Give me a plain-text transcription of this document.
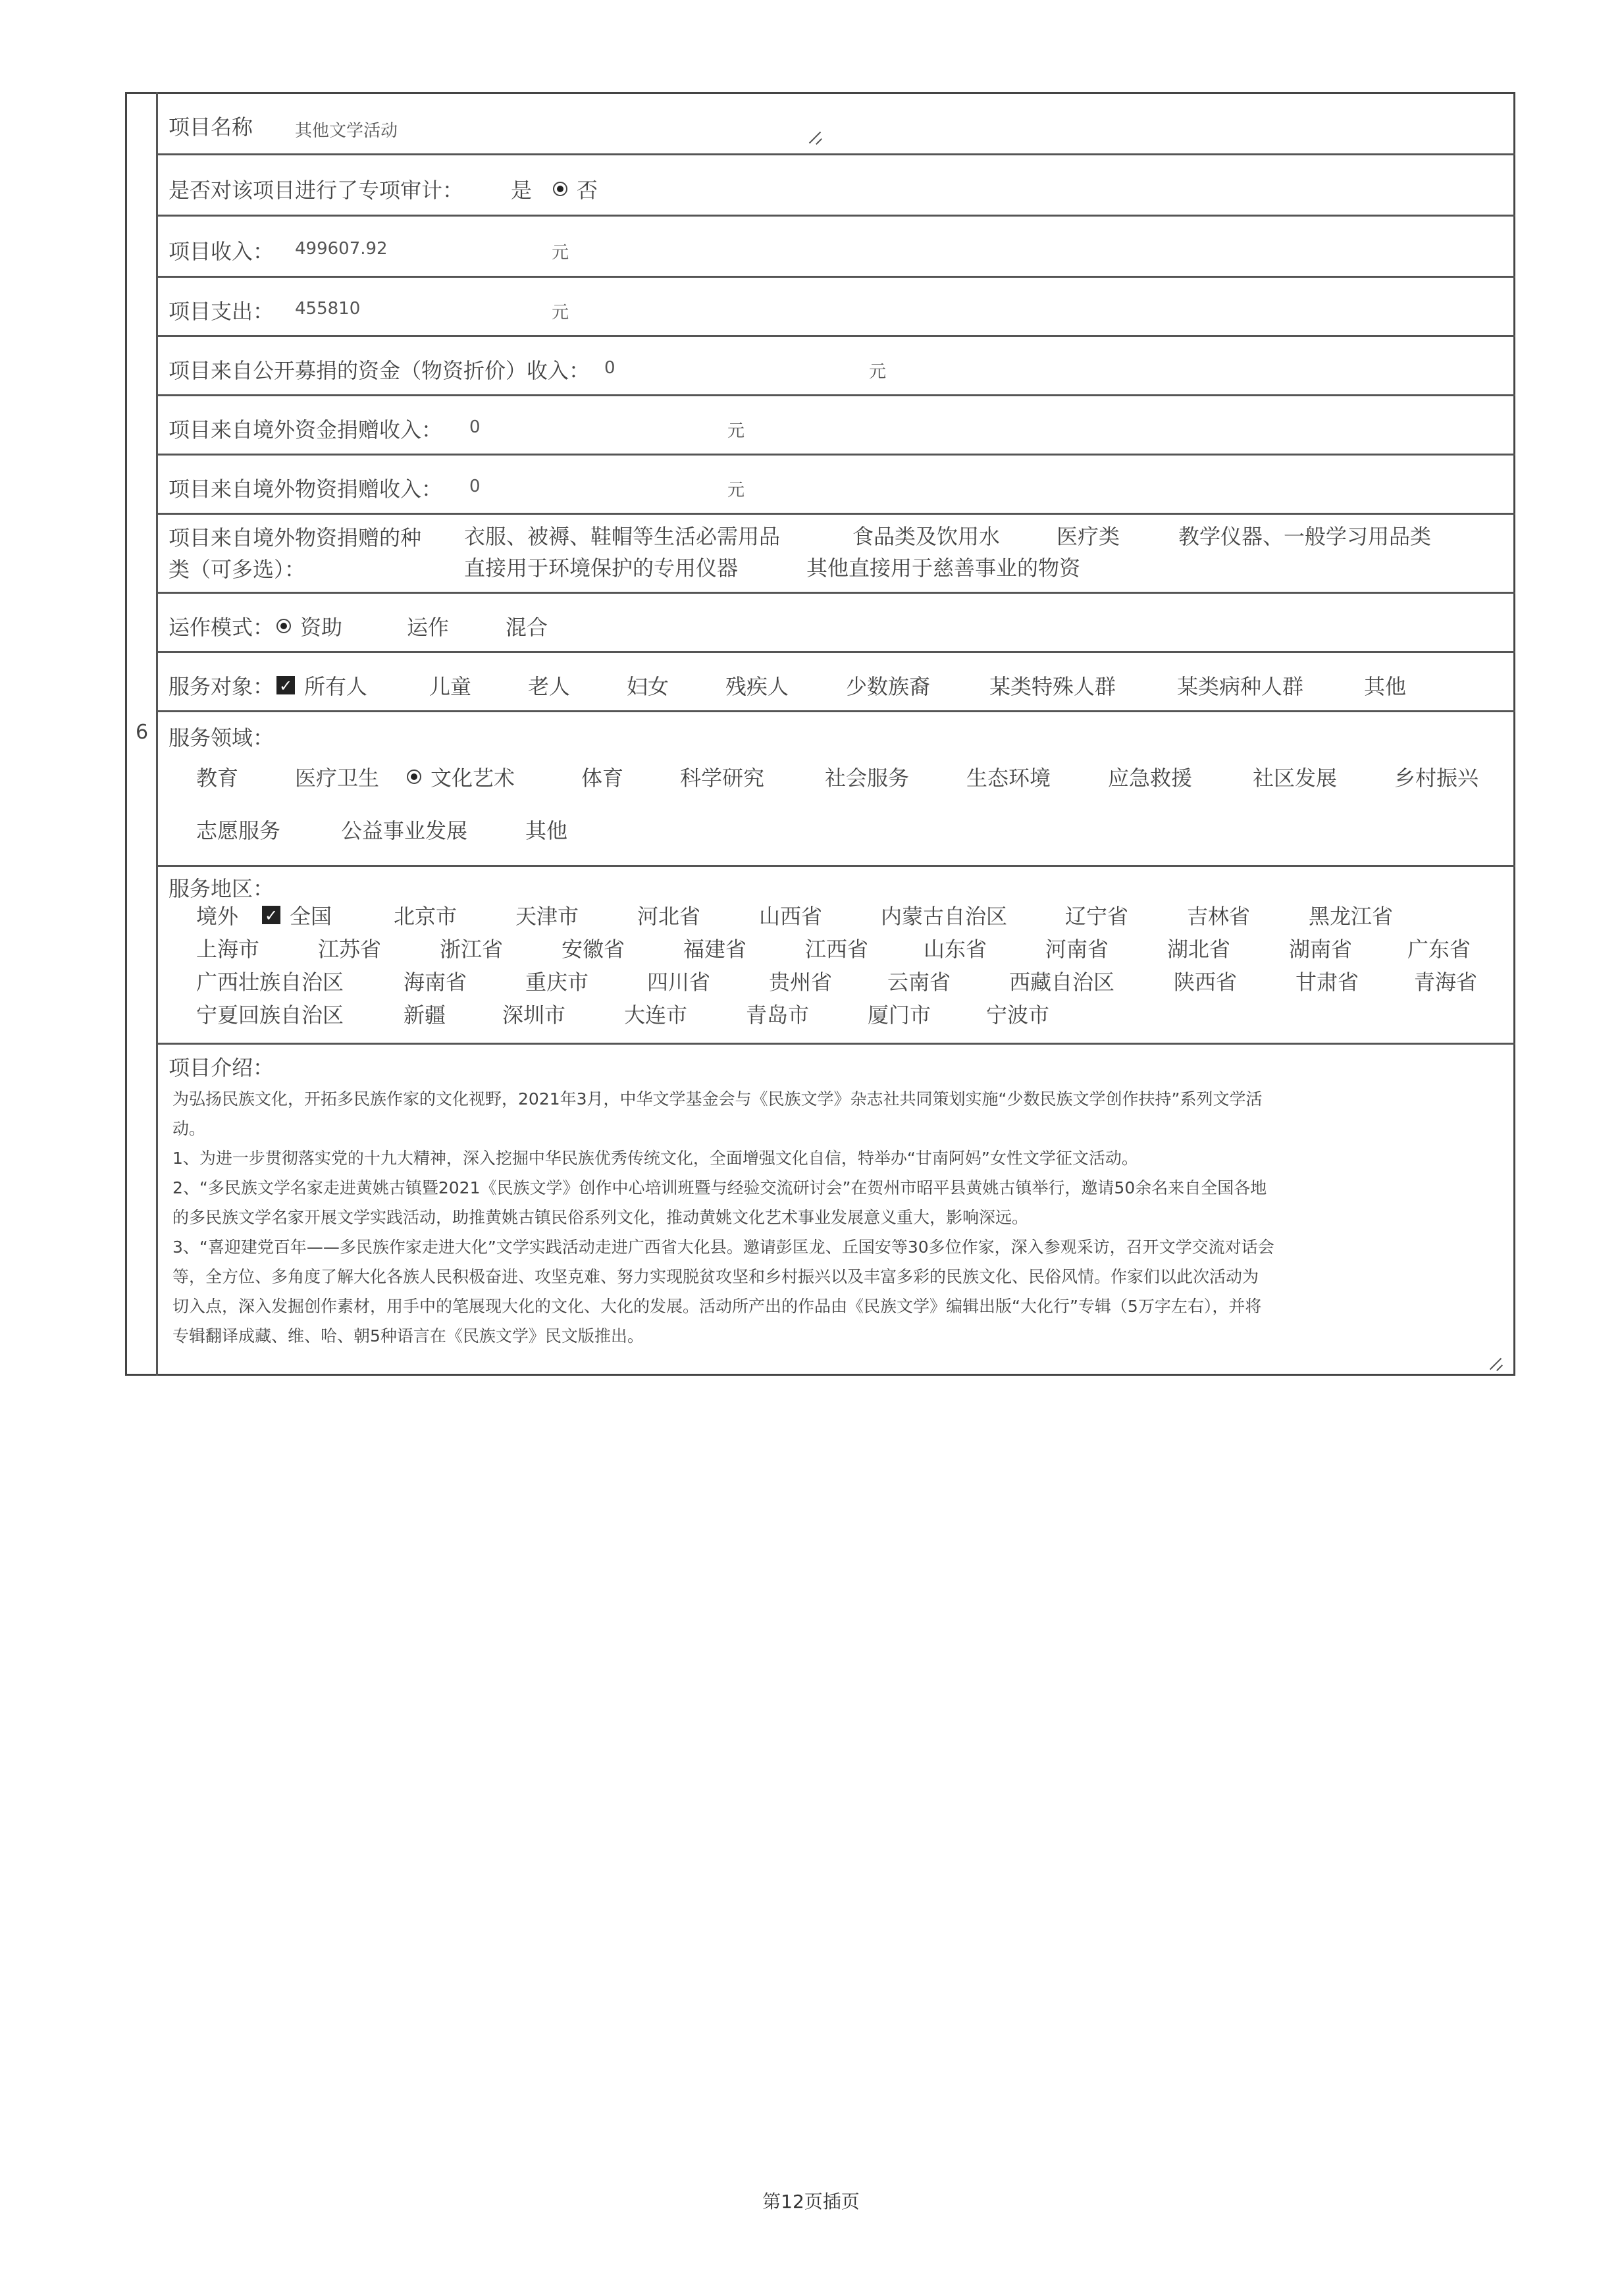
6
项目名称 其他文学活动
是否对该项目进行了专项审计： 是 否
项目收入： 499607.92	元
项目支出： 455810	元
项目来自公开募捐的资金（物资折价）收入： 0	元
项目来自境外资金捐赠收入： 0	元
项目来自境外物资捐赠收入： 0	元
项目来自境外物资捐赠的种
类（可多选）：
衣服、被褥、鞋帽等生活必需用品	食品类及饮用水	医疗类	教学仪器、一般学习用品类
直接用于环境保护的专用仪器	其他直接用于慈善事业的物资
运作模式： 资助	运作	混合
服务对象： ✓ 所有人	儿童	老人	妇女	残疾人	少数族裔	某类特殊人群	某类病种人群	其他
服务领域：
教育	医疗卫生 文化艺术	体育	科学研究	社会服务	生态环境	应急救援	社区发展	乡村振兴
志愿服务	公益事业发展	其他
服务地区：
境外 ✓ 全国	北京市	天津市	河北省	山西省	内蒙古自治区	辽宁省	吉林省	黑龙江省
上海市	江苏省	浙江省	安徽省	福建省	江西省	山东省	河南省	湖北省	湖南省	广东省
广西壮族自治区	海南省	重庆市	四川省	贵州省	云南省	西藏自治区	陕西省	甘肃省	青海省
宁夏回族自治区	新疆	深圳市	大连市	青岛市	厦门市	宁波市
项目介绍：

为弘扬民族文化，开拓多民族作家的文化视野，2021年3月，中华文学基金会与《民族文学》杂志社共同策划实施“少数民族文学创作扶持”系列文学活

动。

1、为进一步贯彻落实党的十九大精神，深入挖掘中华民族优秀传统文化，全面增强文化自信，特举办“甘南阿妈”女性文学征文活动。

2、“多民族文学名家走进黄姚古镇暨2021《民族文学》创作中心培训班暨与经验交流研讨会”在贺州市昭平县黄姚古镇举行，邀请50余名来自全国各地

的多民族文学名家开展文学实践活动，助推黄姚古镇民俗系列文化，推动黄姚文化艺术事业发展意义重大，影响深远。

3、“喜迎建党百年——多民族作家走进大化”文学实践活动走进广西省大化县。邀请彭匡龙、丘国安等30多位作家，深入参观采访，召开文学交流对话会

等，全方位、多角度了解大化各族人民积极奋进、攻坚克难、努力实现脱贫攻坚和乡村振兴以及丰富多彩的民族文化、民俗风情。作家们以此次活动为

切入点，深入发掘创作素材，用手中的笔展现大化的文化、大化的发展。活动所产出的作品由《民族文学》编辑出版“大化行”专辑（5万字左右），并将

专辑翻译成藏、维、哈、朝5种语言在《民族文学》民文版推出。

第12页插页
